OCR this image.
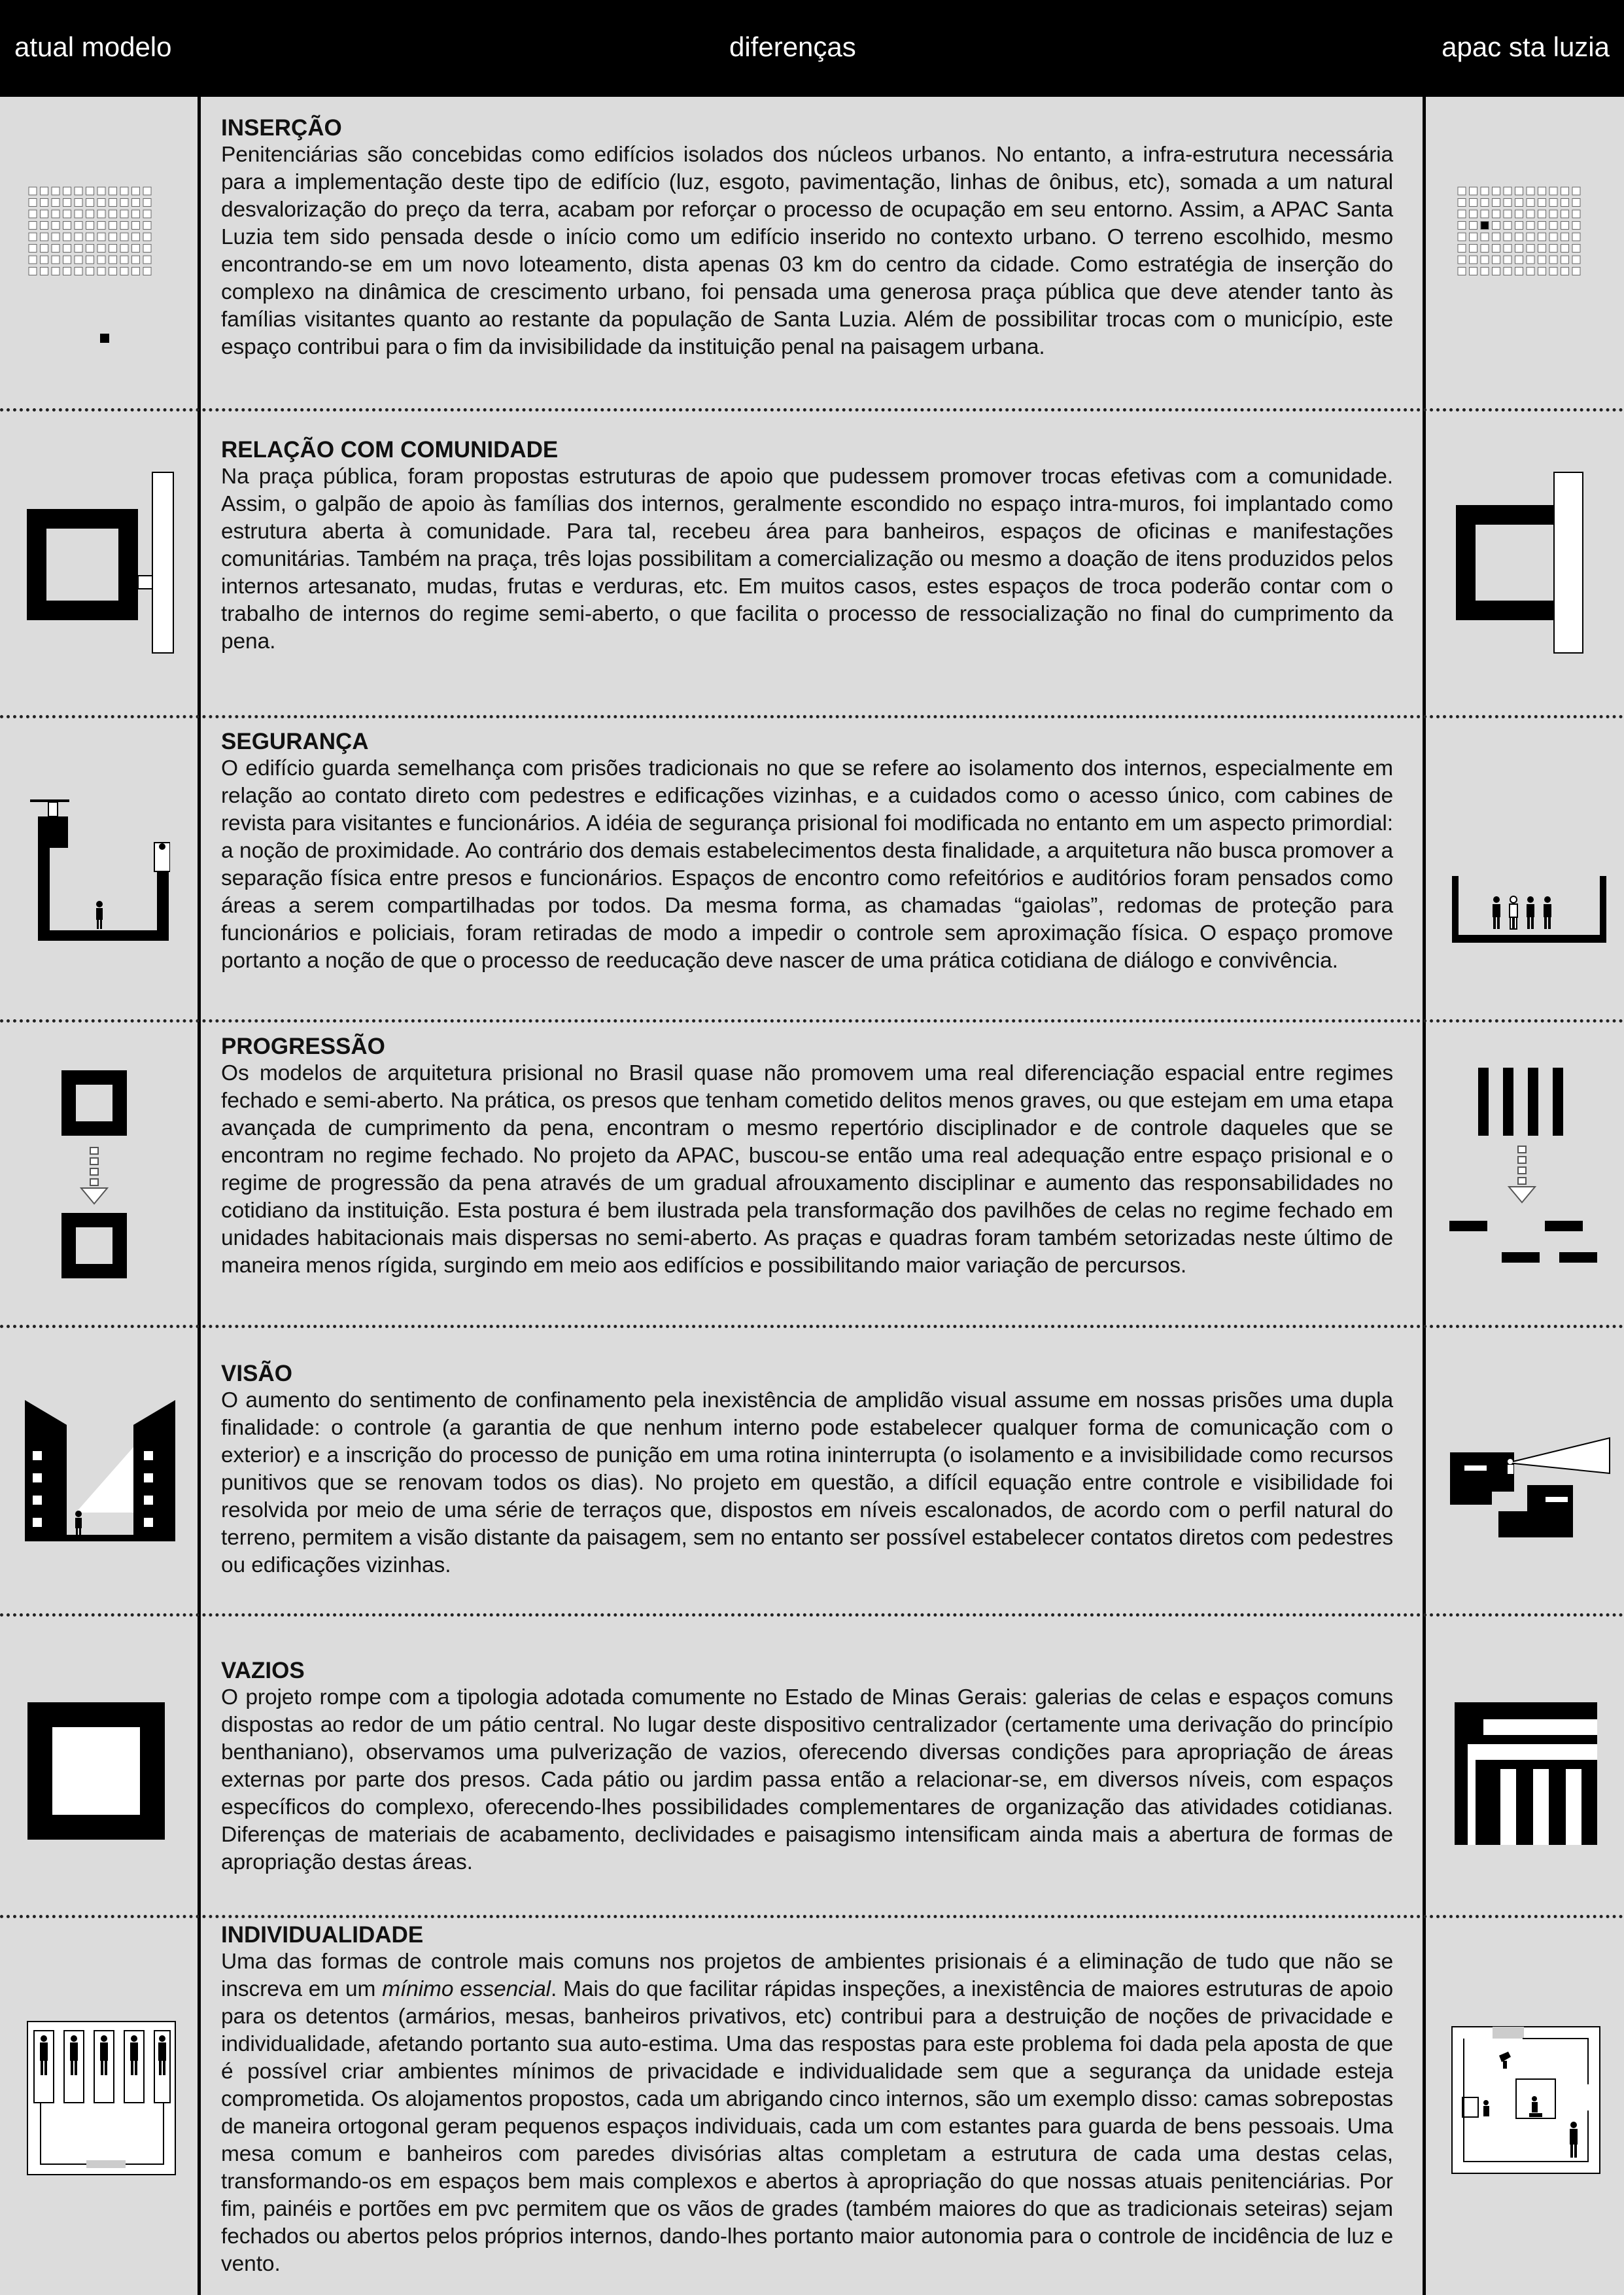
atual modelo	diferenças	apac sta luzia

INSERÇÃO

Penitenciárias são concebidas como edifícios isolados dos núcleos urbanos. No entanto, a infra-estrutura necessária para a implementação deste tipo de edifício (luz, esgoto, pavimentação, linhas de ônibus, etc), somada a um natural desvalorização do preço da terra, acabam por reforçar o processo de ocupação em seu entorno. Assim, a APAC Santa Luzia tem sido pensada desde o início como um edifício inserido no contexto urbano. O terreno escolhido, mesmo encontrando-se em um novo loteamento, dista apenas 03 km do centro da cidade. Como estratégia de inserção do complexo na dinâmica de crescimento urbano, foi pensada uma generosa praça pública que deve atender tanto às famílias visitantes quanto ao restante da população de Santa Luzia. Além de possibilitar trocas com o município, este espaço contribui para o fim da invisibilidade da instituição penal na paisagem urbana.

RELAÇÃO COM COMUNIDADE

Na praça pública, foram propostas estruturas de apoio que pudessem promover trocas efetivas com a comunidade. Assim, o galpão de apoio às famílias dos internos, geralmente escondido no espaço intra-muros, foi implantado como estrutura aberta à comunidade. Para tal, recebeu área para banheiros, espaços de oficinas e manifestações comunitárias. Também na praça, três lojas possibilitam a comercialização ou mesmo a doação de itens produzidos pelos internos artesanato, mudas, frutas e verduras, etc. Em muitos casos, estes espaços de troca poderão contar com o trabalho de internos do regime semi-aberto, o que facilita o processo de ressocialização no final do cumprimento da pena.

SEGURANÇA

O edifício guarda semelhança com prisões tradicionais no que se refere ao isolamento dos internos, especialmente em relação ao contato direto com pedestres e edificações vizinhas, e a cuidados como o acesso único, com cabines de revista para visitantes e funcionários. A idéia de segurança prisional foi modificada no entanto em um aspecto primordial: a noção de proximidade. Ao contrário dos demais estabelecimentos desta finalidade, a arquitetura não busca promover a separação física entre presos e funcionários. Espaços de encontro como refeitórios e auditórios foram pensados como áreas a serem compartilhadas por todos. Da mesma forma, as chamadas “gaiolas”, redomas de proteção para funcionários e policiais, foram retiradas de modo a impedir o controle sem aproximação física. O espaço promove portanto a noção de que o processo de reeducação deve nascer de uma prática cotidiana de diálogo e convivência.

PROGRESSÃO

Os modelos de arquitetura prisional no Brasil quase não promovem uma real diferenciação espacial entre regimes fechado e semi-aberto. Na prática, os presos que tenham cometido delitos menos graves, ou que estejam em uma etapa avançada de cumprimento da pena, encontram o mesmo repertório disciplinador e de controle daqueles que se encontram no regime fechado. No projeto da APAC, buscou-se então uma real adequação entre espaço prisional e o regime de progressão da pena através de um gradual afrouxamento disciplinar e aumento das responsabilidades no cotidiano da instituição. Esta postura é bem ilustrada pela transformação dos pavilhões de celas no regime fechado em unidades habitacionais mais dispersas no semi-aberto. As praças e quadras foram também setorizadas neste último de maneira menos rígida, surgindo em meio aos edifícios e possibilitando maior variação de percursos.

VISÃO

O aumento do sentimento de confinamento pela inexistência de amplidão visual assume em nossas prisões uma dupla finalidade: o controle (a garantia de que nenhum interno pode estabelecer qualquer forma de comunicação com o exterior) e a inscrição do processo de punição em uma rotina ininterrupta (o isolamento e a invisibilidade como recursos punitivos que se renovam todos os dias). No projeto em questão, a difícil equação entre controle e visibilidade foi resolvida por meio de uma série de terraços que, dispostos em níveis escalonados, de acordo com o perfil natural do terreno, permitem a visão distante da paisagem, sem no entanto ser possível estabelecer contatos diretos com pedestres ou edificações vizinhas.

VAZIOS

O projeto rompe com a tipologia adotada comumente no Estado de Minas Gerais: galerias de celas e espaços comuns dispostas ao redor de um pátio central. No lugar deste dispositivo centralizador (certamente uma derivação do princípio benthaniano), observamos uma pulverização de vazios, oferecendo diversas condições para apropriação de áreas externas por parte dos presos. Cada pátio ou jardim passa então a relacionar-se, em diversos níveis, com espaços específicos do complexo, oferecendo-lhes possibilidades complementares de organização das atividades cotidianas. Diferenças de materiais de acabamento, declividades e paisagismo intensificam ainda mais a abertura de formas de apropriação destas áreas.

INDIVIDUALIDADE

Uma das formas de controle mais comuns nos projetos de ambientes prisionais é a eliminação de tudo que não se inscreva em um mínimo essencial. Mais do que facilitar rápidas inspeções, a inexistência de maiores estruturas de apoio para os detentos (armários, mesas, banheiros privativos, etc) contribui para a destruição de noções de privacidade e individualidade, afetando portanto sua auto-estima. Uma das respostas para este problema foi dada pela aposta de que é possível criar ambientes mínimos de privacidade e individualidade sem que a segurança da unidade esteja comprometida. Os alojamentos propostos, cada um abrigando cinco internos, são um exemplo disso: camas sobrepostas de maneira ortogonal geram pequenos espaços individuais, cada um com estantes para guarda de bens pessoais. Uma mesa comum e banheiros com paredes divisórias altas completam a estrutura de cada uma destas celas, transformando-os em espaços bem mais complexos e abertos à apropriação do que nossas atuais penitenciárias. Por fim, painéis e portões em pvc permitem que os vãos de grades (também maiores do que as tradicionais seteiras) sejam fechados ou abertos pelos próprios internos, dando-lhes portanto maior autonomia para o controle de incidência de luz e vento.
